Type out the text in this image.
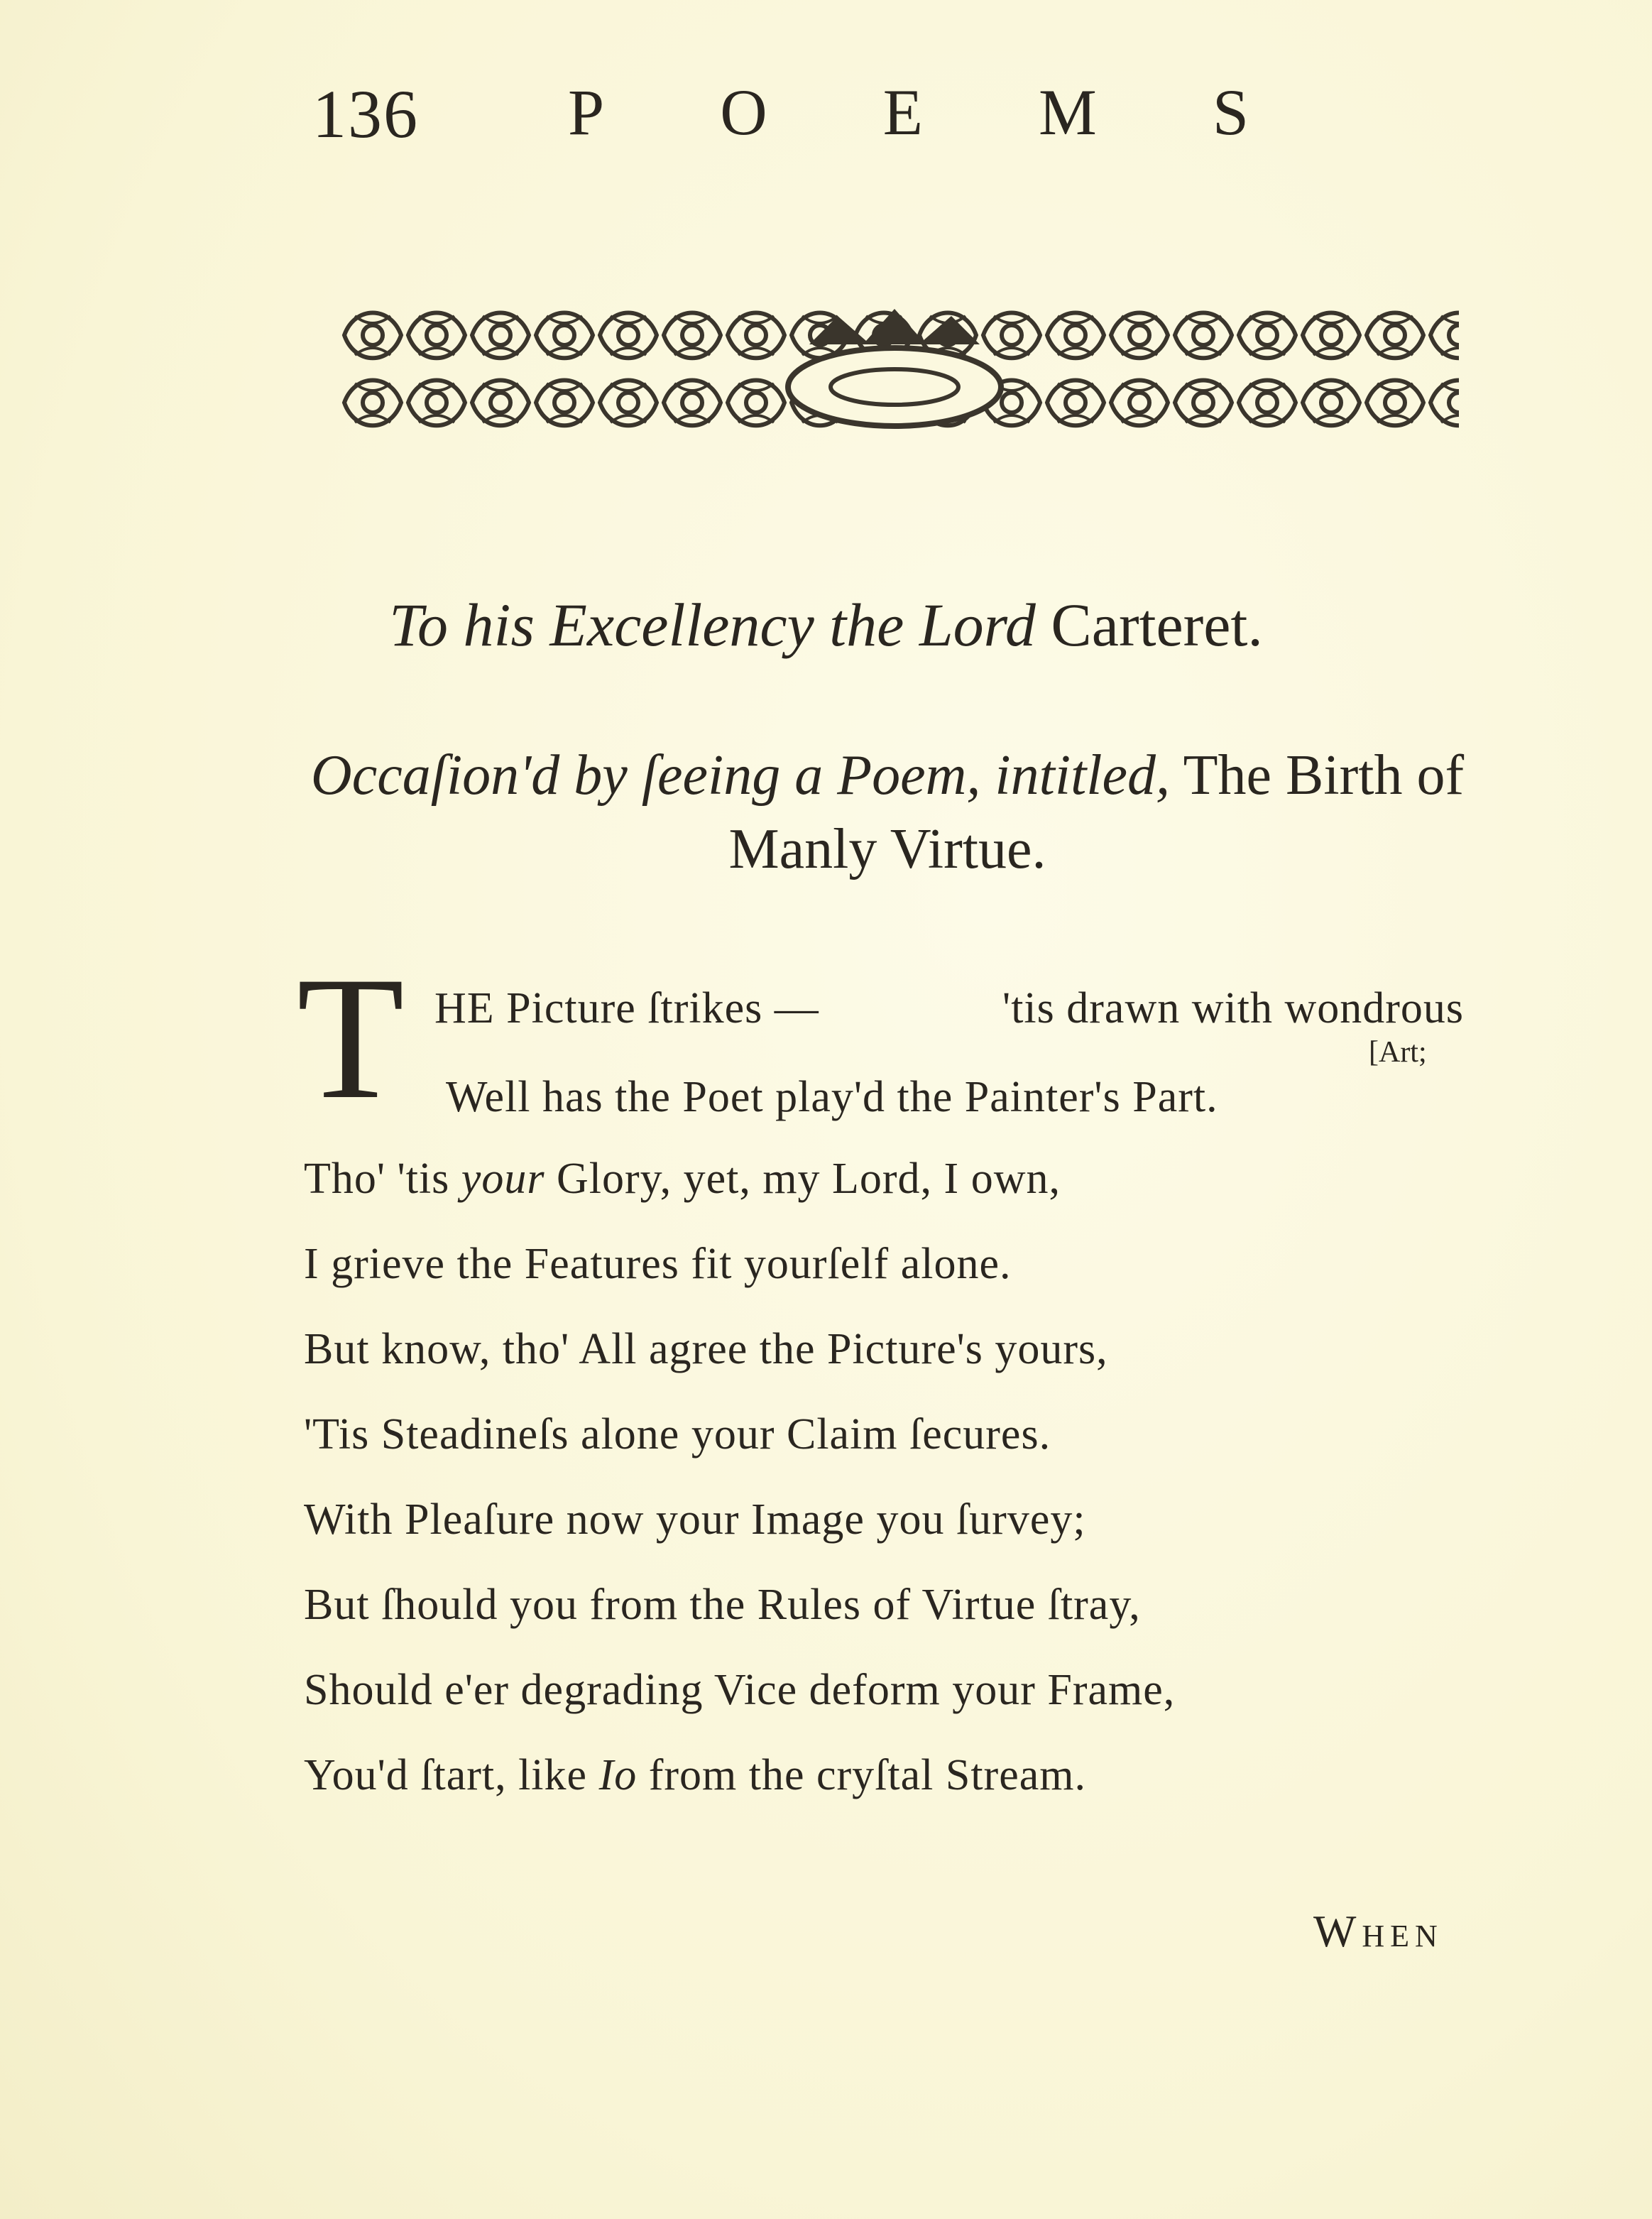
136 P O E M S
To his Excellency the Lord Carteret.
Occaſion'd by ſeeing a Poem, intitled, The Birth of
Manly Virtue.
T HE Picture ſtrikes —	'tis drawn with wondrous
[Art;
Well has the Poet play'd the Painter's Part.
Tho' 'tis your Glory, yet, my Lord, I own,
I grieve the Features fit yourſelf alone.
But know, tho' All agree the Picture's yours,
'Tis Steadineſs alone your Claim ſecures.
With Pleaſure now your Image you ſurvey;
But ſhould you from the Rules of Virtue ſtray,
Should e'er degrading Vice deform your Frame,
You'd ſtart, like Io from the cryſtal Stream.
WHEN
